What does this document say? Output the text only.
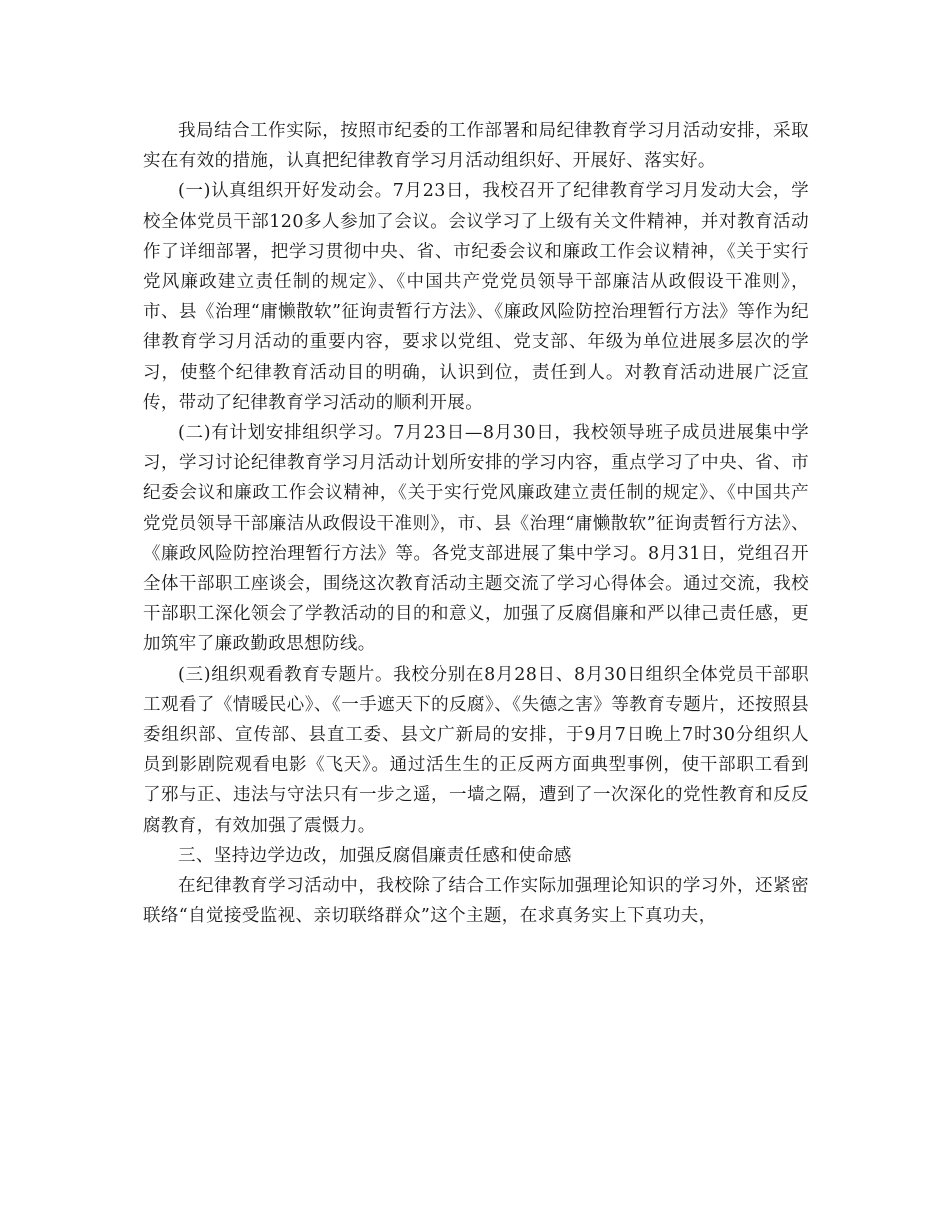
我局结合工作实际，按照市纪委的工作部署和局纪律教育学习月活动安排，采取实在有效的措施，认真把纪律教育学习月活动组织好、开展好、落实好。

(一)认真组织开好发动会。7月23日，我校召开了纪律教育学习月发动大会，学校全体党员干部120多人参加了会议。会议学习了上级有关文件精神，并对教育活动作了详细部署，把学习贯彻中央、省、市纪委会议和廉政工作会议精神，《关于实行党风廉政建立责任制的规定》、《中国共产党党员领导干部廉洁从政假设干准则》，市、县《治理“庸懒散软”征询责暂行方法》、《廉政风险防控治理暂行方法》等作为纪律教育学习月活动的重要内容，要求以党组、党支部、年级为单位进展多层次的学习，使整个纪律教育活动目的明确，认识到位，责任到人。对教育活动进展广泛宣传，带动了纪律教育学习活动的顺利开展。

(二)有计划安排组织学习。7月23日—8月30日，我校领导班子成员进展集中学习，学习讨论纪律教育学习月活动计划所安排的学习内容，重点学习了中央、省、市纪委会议和廉政工作会议精神，《关于实行党风廉政建立责任制的规定》、《中国共产党党员领导干部廉洁从政假设干准则》，市、县《治理“庸懒散软”征询责暂行方法》、《廉政风险防控治理暂行方法》等。各党支部进展了集中学习。8月31日，党组召开全体干部职工座谈会，围绕这次教育活动主题交流了学习心得体会。通过交流，我校干部职工深化领会了学教活动的目的和意义，加强了反腐倡廉和严以律己责任感，更加筑牢了廉政勤政思想防线。

(三)组织观看教育专题片。我校分别在8月28日、8月30日组织全体党员干部职工观看了《情暖民心》、《一手遮天下的反腐》、《失德之害》等教育专题片，还按照县委组织部、宣传部、县直工委、县文广新局的安排，于9月7日晚上7时30分组织人员到影剧院观看电影《飞天》。通过活生生的正反两方面典型事例，使干部职工看到了邪与正、违法与守法只有一步之遥，一墙之隔，遭到了一次深化的党性教育和反反腐教育，有效加强了震慑力。

三、坚持边学边改，加强反腐倡廉责任感和使命感

在纪律教育学习活动中，我校除了结合工作实际加强理论知识的学习外，还紧密联络“自觉接受监视、亲切联络群众”这个主题，在求真务实上下真功夫，
